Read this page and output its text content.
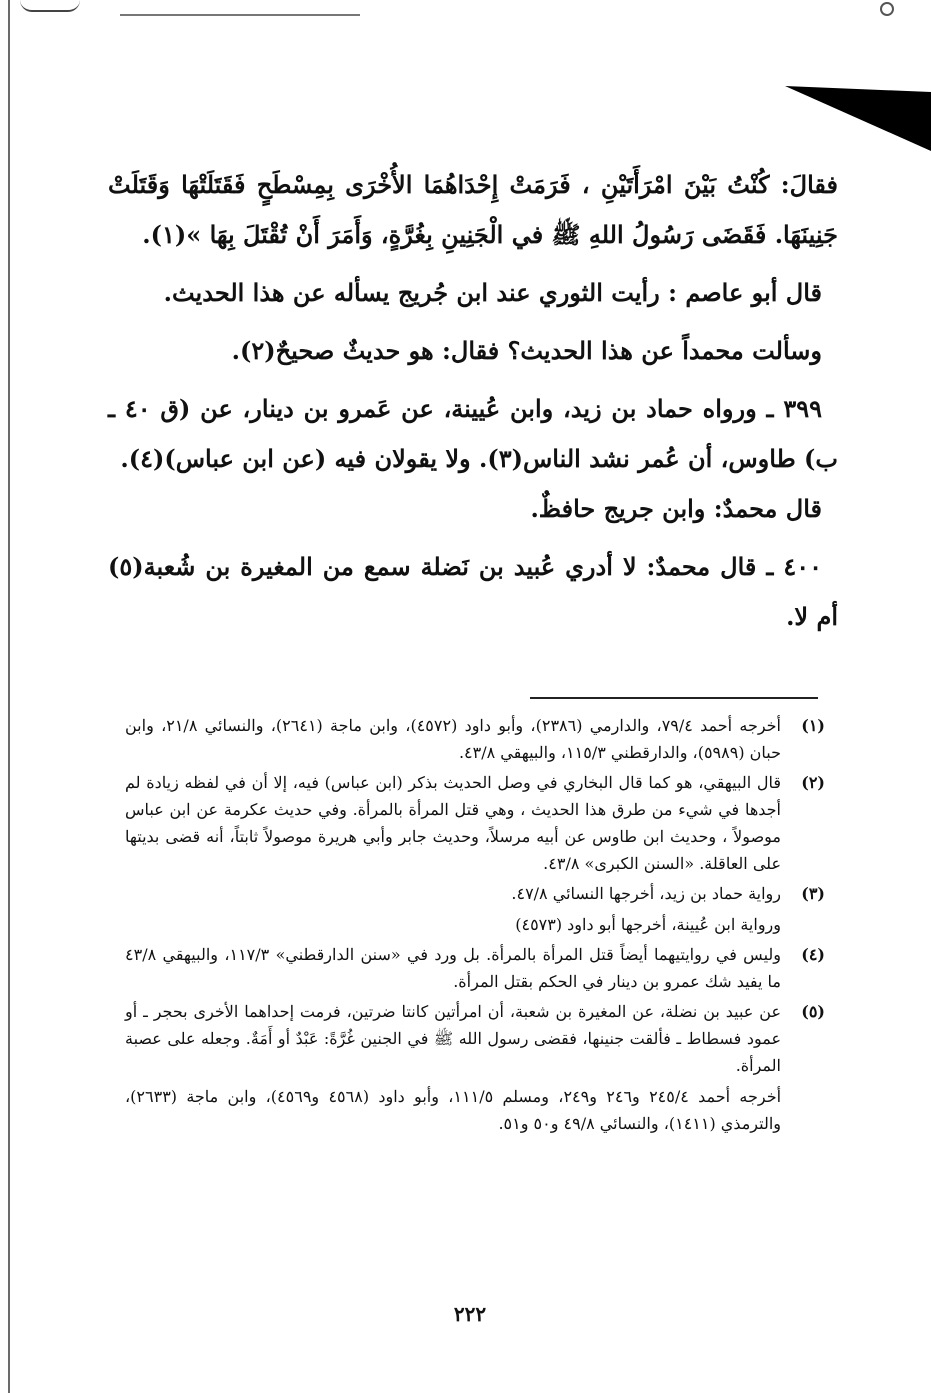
فقالَ: كُنْتُ بَيْنَ امْرَأَتَيْنِ ، فَرَمَتْ إِحْدَاهُمَا الأُخْرَى بِمِسْطَحٍ فَقَتَلَتْهَا وَقَتَلَتْ جَنِينَهَا. فَقَضَى رَسُولُ اللهِ ﷺ في الْجَنِينِ بِغُرَّةٍ، وَأَمَرَ أَنْ تُقْتَلَ بِهَا »(١).

قال أبو عاصم : رأيت الثوري عند ابن جُريج يسأله عن هذا الحديث.

وسألت محمداً عن هذا الحديث؟ فقال: هو حديثٌ صحيحٌ(٢).

٣٩٩ ـ ورواه حماد بن زيد، وابن عُيينة، عن عَمرو بن دينار، عن (ق ٤٠ ـ ب) طاوس، أن عُمر نشد الناس(٣). ولا يقولان فيه (عن ابن عباس)(٤).

قال محمدٌ: وابن جريج حافظٌ.

٤٠٠ ـ قال محمدٌ: لا أدري عُبيد بن نَضلة سمع من المغيرة بن شُعبة(٥) أم لا.

(١)

أخرجه أحمد ٧٩/٤، والدارمي (٢٣٨٦)، وأبو داود (٤٥٧٢)، وابن ماجة (٢٦٤١)، والنسائي ٢١/٨، وابن حبان (٥٩٨٩)، والدارقطني ١١٥/٣، والبيهقي ٤٣/٨.

(٢)

قال البيهقي، هو كما قال البخاري في وصل الحديث بذكر (ابن عباس) فيه، إلا أن في لفظه زيادة لم أجدها في شيء من طرق هذا الحديث ، وهي قتل المرأة بالمرأة. وفي حديث عكرمة عن ابن عباس موصولاً ، وحديث ابن طاوس عن أبيه مرسلاً، وحديث جابر وأبي هريرة موصولاً ثابتاً، أنه قضى بديتها على العاقلة. «السنن الكبرى» ٤٣/٨.

(٣)

رواية حماد بن زيد، أخرجها النسائي ٤٧/٨.

ورواية ابن عُيينة، أخرجها أبو داود (٤٥٧٣)

(٤)

وليس في روايتيهما أيضاً قتل المرأة بالمرأة. بل ورد في «سنن الدارقطني» ١١٧/٣، والبيهقي ٤٣/٨ ما يفيد شك عمرو بن دينار في الحكم بقتل المرأة.

(٥)

عن عبيد بن نضلة، عن المغيرة بن شعبة، أن امرأتين كانتا ضرتين، فرمت إحداهما الأخرى بحجر ـ أو عمود فسطاط ـ فألقت جنينها، فقضى رسول الله ﷺ في الجنين غُرَّةً: عَبْدٌ أو أَمَةٌ. وجعله على عصبة المرأة.

أخرجه أحمد ٢٤٥/٤ و٢٤٦ و٢٤٩، ومسلم ١١١/٥، وأبو داود (٤٥٦٨ و٤٥٦٩)، وابن ماجة (٢٦٣٣)، والترمذي (١٤١١)، والنسائي ٤٩/٨ و٥٠ و٥١.

٢٢٢
